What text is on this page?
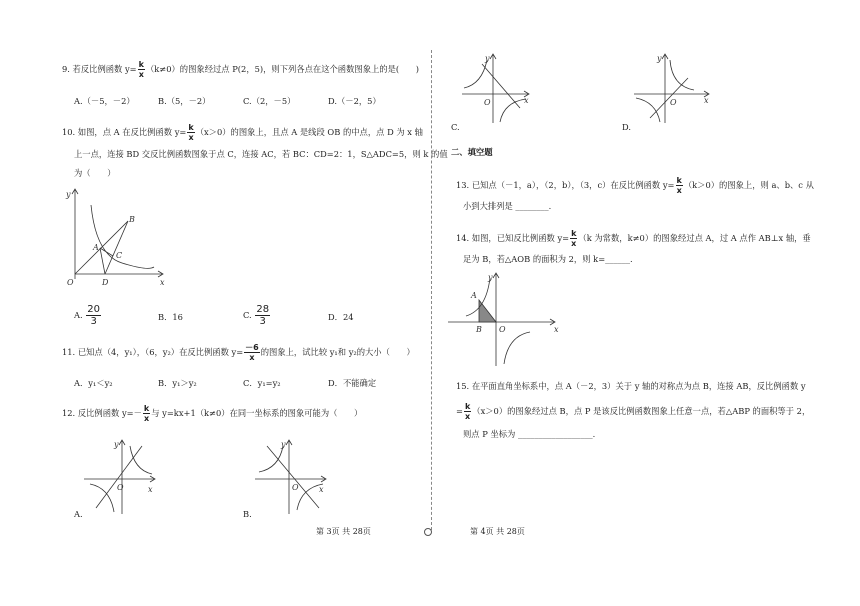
9. 若反比例函数 $y= \frac{k}{x} (k\ne 0)$的图象经过点 P(2，5)，则下列各点在这个函数图象上的是(　　)
A.（－5，－2）	B.（5，－2）	C.（2，－5）	D.（－2，5）
10. 如图，点 A 在反比例函数 $y= \frac{k}{x} (x>0)$的图象上，且点 A 是线段 OB 的中点，点 D 为 x 轴
上一点，连接 BD 交反比例函数图象于点 C，连接 AC，若 BC：CD=2：1，S△ADC=5，则 k 的值
为（　　）
y
x
O
A
B
C
D
A. $\frac{20}{3}$	B．16	C. $\frac{28}{3}$	D．24
11. 已知点（4，y₁），（6，y₂）在反比例函数 $y= \frac{-6}{x}$ 的图象上，试比较 y₁和 y₂的大小（　　）
A．y₁＜y₂	B．y₁＞y₂	C．y₁=y₂	D．不能确定
12. 反比例函数 $y=- \frac{k}{x}$ 与 y=kx+1（k≠0）在同一坐标系的图象可能为（　　）
y
x
O
A.
y
x
O
B.
第 3页 共 28页	第 4页 共 28页
y
x
O
C.
y
x
O
D.
二、填空题
13. 已知点（－1，a），（2，b），（3，c）在反比例函数 $y= \frac{k}{x} (k>0)$的图象上，则 a、b、c 从
小到大排列是 ________.
14. 如图，已知反比例函数 $y= \frac{k}{x} (k$ 为常数，k≠0）的图象经过点 A，过 A 点作 AB⊥x 轴，垂
足为 B，若△AOB 的面积为 2，则 k=______.
y
x
O
A
B
15. 在平面直角坐标系中，点 A（－2，3）关于 y 轴的对称点为点 B，连接 AB，反比例函数 y
= $\frac{k}{x} (x>0)$的图象经过点 B，点 P 是该反比例函数图象上任意一点，若△ABP 的面积等于 2，
则点 P 坐标为 __________________.
